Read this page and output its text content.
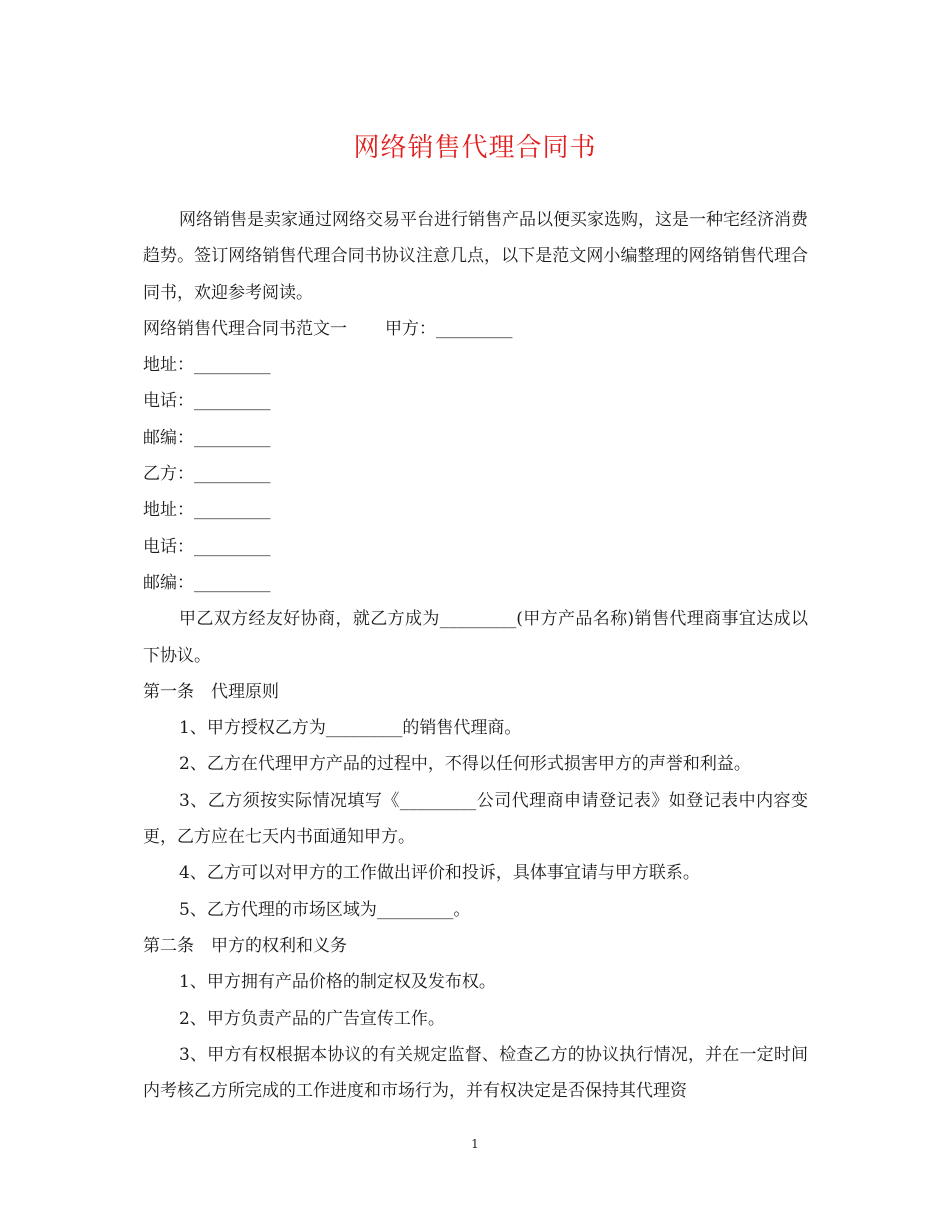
网络销售代理合同书

网络销售是卖家通过网络交易平台进行销售产品以便买家选购，这是一种宅经济消费趋势。签订网络销售代理合同书协议注意几点，以下是范文网小编整理的网络销售代理合同书，欢迎参考阅读。

网络销售代理合同书范文一 甲方：_________

地址：_________

电话：_________

邮编：_________

乙方：_________

地址：_________

电话：_________

邮编：_________

甲乙双方经友好协商，就乙方成为_________(甲方产品名称)销售代理商事宜达成以下协议。

第一条　代理原则

1、甲方授权乙方为_________的销售代理商。

2、乙方在代理甲方产品的过程中，不得以任何形式损害甲方的声誉和利益。

3、乙方须按实际情况填写《_________公司代理商申请登记表》如登记表中内容变更，乙方应在七天内书面通知甲方。

4、乙方可以对甲方的工作做出评价和投诉，具体事宜请与甲方联系。

5、乙方代理的市场区域为_________。

第二条　甲方的权利和义务

1、甲方拥有产品价格的制定权及发布权。

2、甲方负责产品的广告宣传工作。

3、甲方有权根据本协议的有关规定监督、检查乙方的协议执行情况，并在一定时间内考核乙方所完成的工作进度和市场行为，并有权决定是否保持其代理资

1
